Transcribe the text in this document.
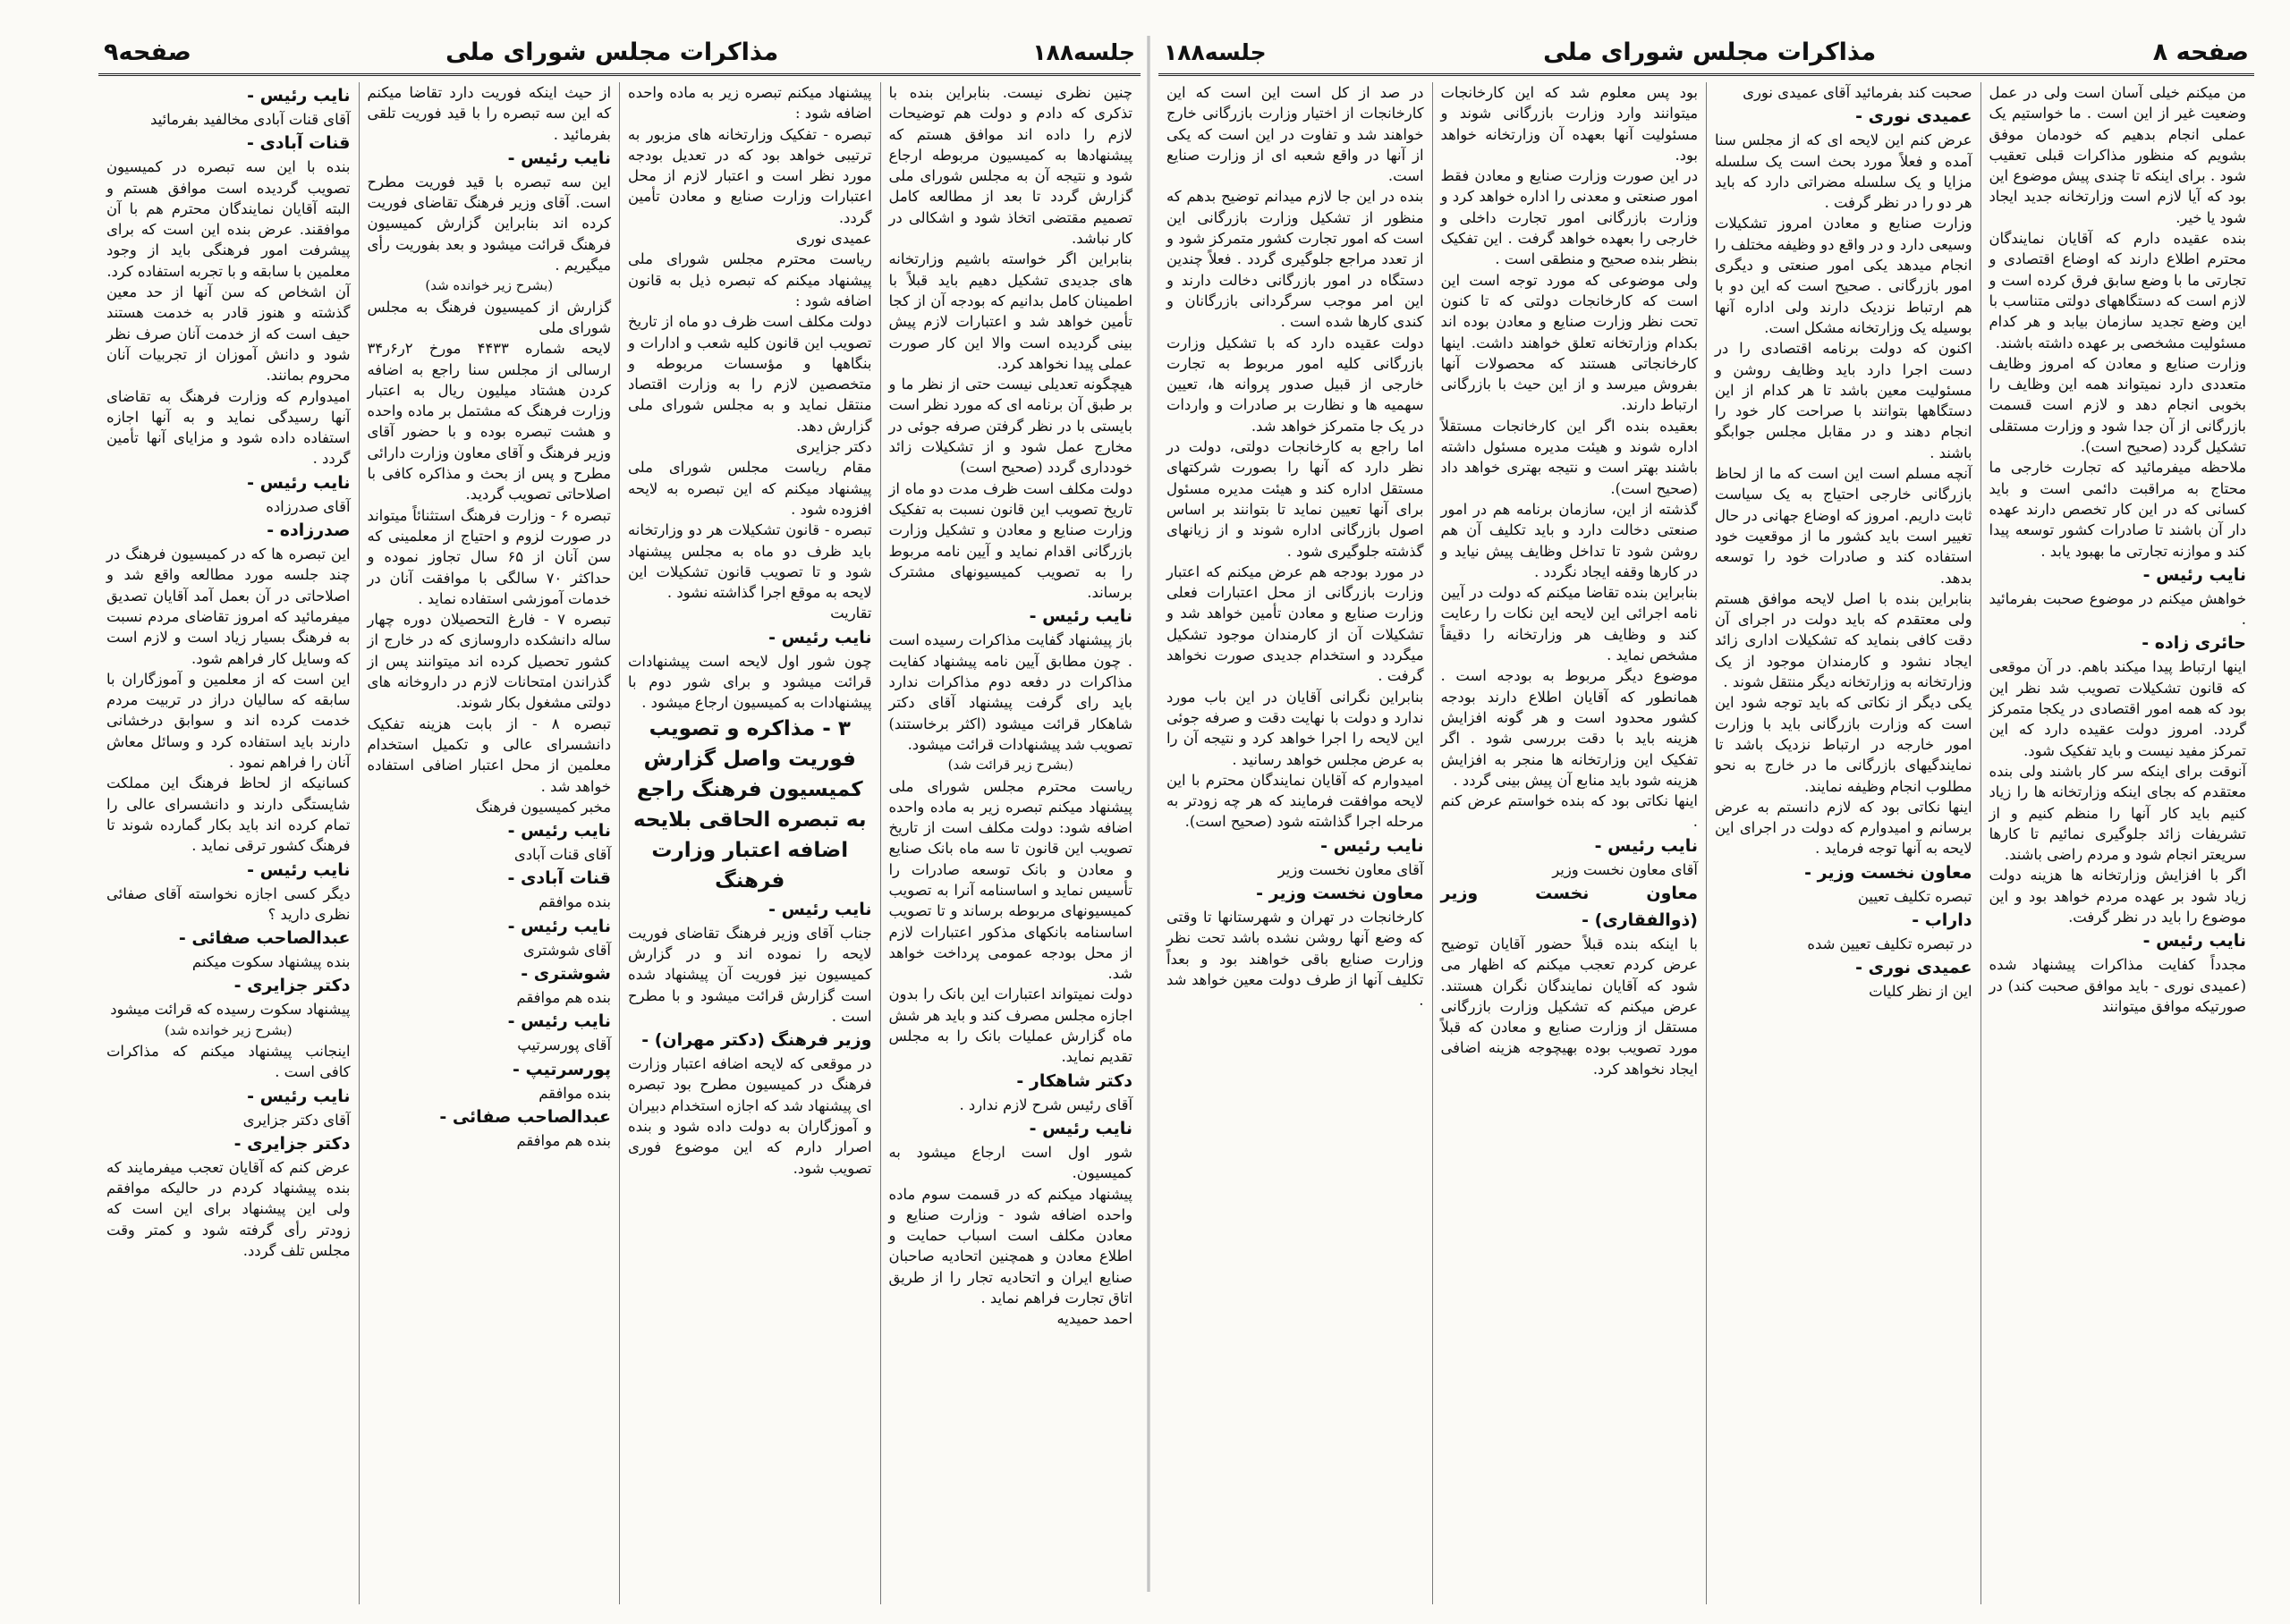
جلسه۱۸۸
مذاکرات مجلس شورای ملی
صفحه۹

چنین نظری نیست. بنابراین بنده با تذکری که دادم و دولت هم توضیحات لازم را داده اند موافق هستم که پیشنهادها به کمیسیون مربوطه ارجاع شود و نتیجه آن به مجلس شورای ملی گزارش گردد تا بعد از مطالعه کامل تصمیم مقتضی اتخاذ شود و اشکالی در کار نباشد.

بنابراین اگر خواسته باشیم وزارتخانه های جدیدی تشکیل دهیم باید قبلاً با اطمینان کامل بدانیم که بودجه آن از کجا تأمین خواهد شد و اعتبارات لازم پیش بینی گردیده است والا این کار صورت عملی پیدا نخواهد کرد.

هیچگونه تعدیلی نیست حتی از نظر ما و بر طبق آن برنامه ای که مورد نظر است بایستی با در نظر گرفتن صرفه جوئی در مخارج عمل شود و از تشکیلات زائد خودداری گردد (صحیح است)

دولت مکلف است ظرف مدت دو ماه از تاریخ تصویب این قانون نسبت به تفکیک وزارت صنایع و معادن و تشکیل وزارت بازرگانی اقدام نماید و آیین نامه مربوط را به تصویب کمیسیونهای مشترک برساند.

نایب رئیس -

باز پیشنهاد گفایت مذاکرات رسیده است . چون مطابق آیین نامه پیشنهاد کفایت مذاکرات در دفعه دوم مذاکرات ندارد باید رای گرفت پیشنهاد آقای دکتر شاهکار قرائت میشود (اکثر برخاستند) تصویب شد پیشنهادات قرائت میشود.

(بشرح زیر قرائت شد)

ریاست محترم مجلس شورای ملی پیشنهاد میکنم تبصره زیر به ماده واحده اضافه شود: دولت مکلف است از تاریخ تصویب این قانون تا سه ماه بانک صنایع و معادن و بانک توسعه صادرات را تأسیس نماید و اساسنامه آنرا به تصویب کمیسیونهای مربوطه برساند و تا تصویب اساسنامه بانکهای مذکور اعتبارات لازم از محل بودجه عمومی پرداخت خواهد شد.

دولت نمیتواند اعتبارات این بانک را بدون اجازه مجلس مصرف کند و باید هر شش ماه گزارش عملیات بانک را به مجلس تقدیم نماید.

دکتر شاهکار -

آقای رئیس شرح لازم ندارد .

نایب رئیس -

شور اول است ارجاع میشود به کمیسیون.

پیشنهاد میکنم که در قسمت سوم ماده واحده اضافه شود - وزارت صنایع و معادن مکلف است اسباب حمایت و اطلاع معادن و همچنین اتحادیه صاحبان صنایع ایران و اتحادیه تجار را از طریق اتاق تجارت فراهم نماید .

احمد حمیدیه

پیشنهاد میکنم تبصره زیر به ماده واحده اضافه شود :

تبصره - تفکیک وزارتخانه های مزبور به ترتیبی خواهد بود که در تعدیل بودجه مورد نظر است و اعتبار لازم از محل اعتبارات وزارت صنایع و معادن تأمین گردد.

عمیدی نوری

ریاست محترم مجلس شورای ملی پیشنهاد میکنم که تبصره ذیل به قانون اضافه شود :

دولت مکلف است ظرف دو ماه از تاریخ تصویب این قانون کلیه شعب و ادارات و بنگاهها و مؤسسات مربوطه و متخصصین لازم را به وزارت اقتصاد منتقل نماید و به مجلس شورای ملی گزارش دهد.

دکتر جزایری

مقام ریاست مجلس شورای ملی پیشنهاد میکنم که این تبصره به لایحه افزوده شود .

تبصره - قانون تشکیلات هر دو وزارتخانه باید ظرف دو ماه به مجلس پیشنهاد شود و تا تصویب قانون تشکیلات این لایحه به موقع اجرا گذاشته نشود .

تقاریت

نایب رئیس -

چون شور اول لایحه است پیشنهادات قرائت میشود و برای شور دوم با پیشنهادات به کمیسیون ارجاع میشود .

۳ - مذاکره و تصویب فوریت واصل گزارش کمیسیون فرهنگ راجع به تبصره الحاقی بلایحه اضافه اعتبار وزارت فرهنگ
نایب رئیس -

جناب آقای وزیر فرهنگ تقاضای فوریت لایحه را نموده اند و در گزارش کمیسیون نیز فوریت آن پیشنهاد شده است گزارش قرائت میشود و با مطرح است .

وزیر فرهنگ (دکتر مهران) -

در موقعی که لایحه اضافه اعتبار وزارت فرهنگ در کمیسیون مطرح بود تبصره ای پیشنهاد شد که اجازه استخدام دبیران و آموزگاران به دولت داده شود و بنده اصرار دارم که این موضوع فوری تصویب شود.

از حیث اینکه فوریت دارد تقاضا میکنم که این سه تبصره را با قید فوریت تلقی بفرمائید .

نایب رئیس -

این سه تبصره با قید فوریت مطرح است. آقای وزیر فرهنگ تقاضای فوریت کرده اند بنابراین گزارش کمیسیون فرهنگ قرائت میشود و بعد بفوریت رأی میگیریم .

(بشرح زیر خوانده شد)

گزارش از کمیسیون فرهنگ به مجلس شورای ملی

لایحه شماره ۴۴۳۳ مورخ ۲ر۶ر۳۴ ارسالی از مجلس سنا راجع به اضافه کردن هشتاد میلیون ریال به اعتبار وزارت فرهنگ که مشتمل بر ماده واحده و هشت تبصره بوده و با حضور آقای وزیر فرهنگ و آقای معاون وزارت دارائی مطرح و پس از بحث و مذاکره کافی با اصلاحاتی تصویب گردید.

تبصره ۶ - وزارت فرهنگ استثنائاً میتواند در صورت لزوم و احتیاج از معلمینی که سن آنان از ۶۵ سال تجاوز نموده و حداکثر ۷۰ سالگی با موافقت آنان در خدمات آموزشی استفاده نماید .

تبصره ۷ - فارغ التحصیلان دوره چهار ساله دانشکده داروسازی که در خارج از کشور تحصیل کرده اند میتوانند پس از گذراندن امتحانات لازم در داروخانه های دولتی مشغول بکار شوند.

تبصره ۸ - از بابت هزینه تفکیک دانشسرای عالی و تکمیل استخدام معلمین از محل اعتبار اضافی استفاده خواهد شد .

مخبر کمیسیون فرهنگ

نایب رئیس -

آقای قنات آبادی

قنات آبادی -

بنده موافقم

نایب رئیس -

آقای شوشتری

شوشتری -

بنده هم موافقم

نایب رئیس -

آقای پورسرتیپ

پورسرتیپ -

بنده موافقم

عبدالصاحب صفائی -

بنده هم موافقم

نایب رئیس -

آقای قنات آبادی مخالفید بفرمائید

قنات آبادی -

بنده با این سه تبصره در کمیسیون تصویب گردیده است موافق هستم و البته آقایان نمایندگان محترم هم با آن موافقند. عرض بنده این است که برای پیشرفت امور فرهنگی باید از وجود معلمین با سابقه و با تجربه استفاده کرد.

آن اشخاص که سن آنها از حد معین گذشته و هنوز قادر به خدمت هستند حیف است که از خدمت آنان صرف نظر شود و دانش آموزان از تجربیات آنان محروم بمانند.

امیدوارم که وزارت فرهنگ به تقاضای آنها رسیدگی نماید و به آنها اجازه استفاده داده شود و مزایای آنها تأمین گردد .

نایب رئیس -

آقای صدرزاده

صدرزاده -

این تبصره ها که در کمیسیون فرهنگ در چند جلسه مورد مطالعه واقع شد و اصلاحاتی در آن بعمل آمد آقایان تصدیق میفرمائید که امروز تقاضای مردم نسبت به فرهنگ بسیار زیاد است و لازم است که وسایل کار فراهم شود.

این است که از معلمین و آموزگاران با سابقه که سالیان دراز در تربیت مردم خدمت کرده اند و سوابق درخشانی دارند باید استفاده کرد و وسائل معاش آنان را فراهم نمود .

کسانیکه از لحاظ فرهنگ این مملکت شایستگی دارند و دانشسرای عالی را تمام کرده اند باید بکار گمارده شوند تا فرهنگ کشور ترقی نماید .

نایب رئیس -

دیگر کسی اجازه نخواسته آقای صفائی نظری دارید ؟

عبدالصاحب صفائی -

بنده پیشنهاد سکوت میکنم

دکتر جزایری -

پیشنهاد سکوت رسیده که قرائت میشود

(بشرح زیر خوانده شد)

اینجانب پیشنهاد میکنم که مذاکرات کافی است .

نایب رئیس -

آقای دکتر جزایری

دکتر جزایری -

عرض کنم که آقایان تعجب میفرمایند که بنده پیشنهاد کردم در حالیکه موافقم ولی این پیشنهاد برای این است که زودتر رأی گرفته شود و کمتر وقت مجلس تلف گردد.

صفحه ۸
مذاکرات مجلس شورای ملی
جلسه۱۸۸

من میکنم خیلی آسان است ولی در عمل وضعیت غیر از این است . ما خواستیم یک عملی انجام بدهیم که خودمان موفق بشویم که منظور مذاکرات قبلی تعقیب شود . برای اینکه تا چندی پیش موضوع این بود که آیا لازم است وزارتخانه جدید ایجاد شود یا خیر.

بنده عقیده دارم که آقایان نمایندگان محترم اطلاع دارند که اوضاع اقتصادی و تجارتی ما با وضع سابق فرق کرده است و لازم است که دستگاههای دولتی متناسب با این وضع تجدید سازمان بیابد و هر کدام مسئولیت مشخصی بر عهده داشته باشند.

وزارت صنایع و معادن که امروز وظایف متعددی دارد نمیتواند همه این وظایف را بخوبی انجام دهد و لازم است قسمت بازرگانی از آن جدا شود و وزارت مستقلی تشکیل گردد (صحیح است).

ملاحظه میفرمائید که تجارت خارجی ما محتاج به مراقبت دائمی است و باید کسانی که در این کار تخصص دارند عهده دار آن باشند تا صادرات کشور توسعه پیدا کند و موازنه تجارتی ما بهبود یابد .

نایب رئیس -

خواهش میکنم در موضوع صحبت بفرمائید .

حائری زاده -

اینها ارتباط پیدا میکند باهم. در آن موقعی که قانون تشکیلات تصویب شد نظر این بود که همه امور اقتصادی در یکجا متمرکز گردد. امروز دولت عقیده دارد که این تمرکز مفید نیست و باید تفکیک شود.

آنوقت برای اینکه سر کار باشند ولی بنده معتقدم که بجای اینکه وزارتخانه ها را زیاد کنیم باید کار آنها را منظم کنیم و از تشریفات زائد جلوگیری نمائیم تا کارها سریعتر انجام شود و مردم راضی باشند.

اگر با افزایش وزارتخانه ها هزینه دولت زیاد شود بر عهده مردم خواهد بود و این موضوع را باید در نظر گرفت.

نایب رئیس -

مجدداً کفایت مذاکرات پیشنهاد شده (عمیدی نوری - باید موافق صحبت کند) در صورتیکه موافق میتوانند

صحبت کند بفرمائید آقای عمیدی نوری

عمیدی نوری -

عرض کنم این لایحه ای که از مجلس سنا آمده و فعلاً مورد بحث است یک سلسله مزایا و یک سلسله مضراتی دارد که باید هر دو را در نظر گرفت .

وزارت صنایع و معادن امروز تشکیلات وسیعی دارد و در واقع دو وظیفه مختلف را انجام میدهد یکی امور صنعتی و دیگری امور بازرگانی . صحیح است که این دو با هم ارتباط نزدیک دارند ولی اداره آنها بوسیله یک وزارتخانه مشکل است.

اکنون که دولت برنامه اقتصادی را در دست اجرا دارد باید وظایف روشن و مسئولیت معین باشد تا هر کدام از این دستگاهها بتوانند با صراحت کار خود را انجام دهند و در مقابل مجلس جوابگو باشند .

آنچه مسلم است این است که ما از لحاظ بازرگانی خارجی احتیاج به یک سیاست ثابت داریم. امروز که اوضاع جهانی در حال تغییر است باید کشور ما از موقعیت خود استفاده کند و صادرات خود را توسعه بدهد.

بنابراین بنده با اصل لایحه موافق هستم ولی معتقدم که باید دولت در اجرای آن دقت کافی بنماید که تشکیلات اداری زائد ایجاد نشود و کارمندان موجود از یک وزارتخانه به وزارتخانه دیگر منتقل شوند .

یکی دیگر از نکاتی که باید توجه شود این است که وزارت بازرگانی باید با وزارت امور خارجه در ارتباط نزدیک باشد تا نمایندگیهای بازرگانی ما در خارج به نحو مطلوب انجام وظیفه نمایند.

اینها نکاتی بود که لازم دانستم به عرض برسانم و امیدوارم که دولت در اجرای این لایحه به آنها توجه فرماید .

معاون نخست وزیر -

تبصره تکلیف تعیین

داراب -

در تبصره تکلیف تعیین شده

عمیدی نوری -

این از نظر کلیات

بود پس معلوم شد که این کارخانجات میتوانند وارد وزارت بازرگانی شوند و مسئولیت آنها بعهده آن وزارتخانه خواهد بود.

در این صورت وزارت صنایع و معادن فقط امور صنعتی و معدنی را اداره خواهد کرد و وزارت بازرگانی امور تجارت داخلی و خارجی را بعهده خواهد گرفت . این تفکیک بنظر بنده صحیح و منطقی است .

ولی موضوعی که مورد توجه است این است که کارخانجات دولتی که تا کنون تحت نظر وزارت صنایع و معادن بوده اند بکدام وزارتخانه تعلق خواهند داشت. اینها کارخانجاتی هستند که محصولات آنها بفروش میرسد و از این حیث با بازرگانی ارتباط دارند.

بعقیده بنده اگر این کارخانجات مستقلاً اداره شوند و هیئت مدیره مسئول داشته باشند بهتر است و نتیجه بهتری خواهد داد (صحیح است).

گذشته از این، سازمان برنامه هم در امور صنعتی دخالت دارد و باید تکلیف آن هم روشن شود تا تداخل وظایف پیش نیاید و در کارها وقفه ایجاد نگردد .

بنابراین بنده تقاضا میکنم که دولت در آیین نامه اجرائی این لایحه این نکات را رعایت کند و وظایف هر وزارتخانه را دقیقاً مشخص نماید .

موضوع دیگر مربوط به بودجه است . همانطور که آقایان اطلاع دارند بودجه کشور محدود است و هر گونه افزایش هزینه باید با دقت بررسی شود . اگر تفکیک این وزارتخانه ها منجر به افزایش هزینه شود باید منابع آن پیش بینی گردد .

اینها نکاتی بود که بنده خواستم عرض کنم .

نایب رئیس -

آقای معاون نخست وزیر

معاون نخست وزیر (ذوالفقاری) -

با اینکه بنده قبلاً حضور آقایان توضیح عرض کردم تعجب میکنم که اظهار می شود که آقایان نمایندگان نگران هستند. عرض میکنم که تشکیل وزارت بازرگانی مستقل از وزارت صنایع و معادن که قبلاً مورد تصویب بوده بهیچوجه هزینه اضافی ایجاد نخواهد کرد.

در صد از کل است این است که این کارخانجات از اختیار وزارت بازرگانی خارج خواهند شد و تفاوت در این است که یکی از آنها در واقع شعبه ای از وزارت صنایع است.

بنده در این جا لازم میدانم توضیح بدهم که منظور از تشکیل وزارت بازرگانی این است که امور تجارت کشور متمرکز شود و از تعدد مراجع جلوگیری گردد . فعلاً چندین دستگاه در امور بازرگانی دخالت دارند و این امر موجب سرگردانی بازرگانان و کندی کارها شده است .

دولت عقیده دارد که با تشکیل وزارت بازرگانی کلیه امور مربوط به تجارت خارجی از قبیل صدور پروانه ها، تعیین سهمیه ها و نظارت بر صادرات و واردات در یک جا متمرکز خواهد شد.

اما راجع به کارخانجات دولتی، دولت در نظر دارد که آنها را بصورت شرکتهای مستقل اداره کند و هیئت مدیره مسئول برای آنها تعیین نماید تا بتوانند بر اساس اصول بازرگانی اداره شوند و از زیانهای گذشته جلوگیری شود .

در مورد بودجه هم عرض میکنم که اعتبار وزارت بازرگانی از محل اعتبارات فعلی وزارت صنایع و معادن تأمین خواهد شد و تشکیلات آن از کارمندان موجود تشکیل میگردد و استخدام جدیدی صورت نخواهد گرفت .

بنابراین نگرانی آقایان در این باب مورد ندارد و دولت با نهایت دقت و صرفه جوئی این لایحه را اجرا خواهد کرد و نتیجه آن را به عرض مجلس خواهد رسانید .

امیدوارم که آقایان نمایندگان محترم با این لایحه موافقت فرمایند که هر چه زودتر به مرحله اجرا گذاشته شود (صحیح است).

نایب رئیس -

آقای معاون نخست وزیر

معاون نخست وزیر -

کارخانجات در تهران و شهرستانها تا وقتی که وضع آنها روشن نشده باشد تحت نظر وزارت صنایع باقی خواهند بود و بعداً تکلیف آنها از طرف دولت معین خواهد شد .
